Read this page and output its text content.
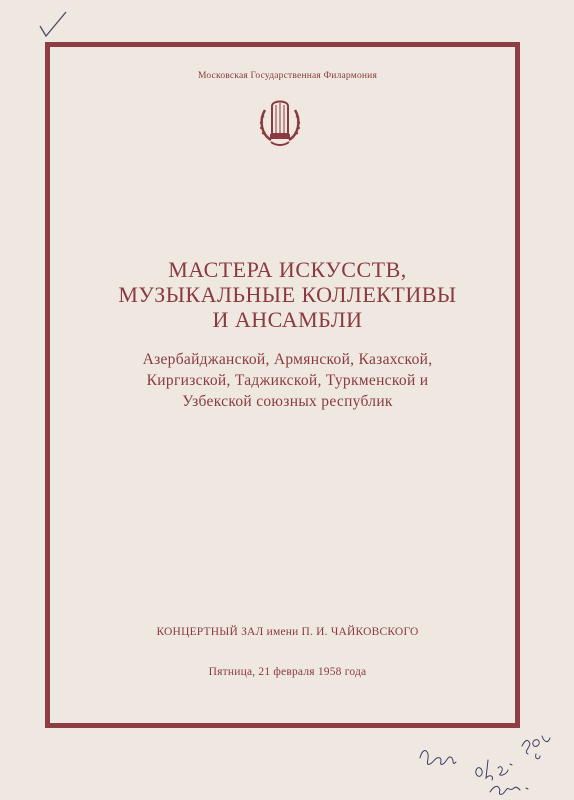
Московская Государственная Филармония
МАСТЕРА ИСКУССТВ,
МУЗЫКАЛЬНЫЕ КОЛЛЕКТИВЫ
И АНСАМБЛИ
Азербайджанской, Армянской, Казахской,
Киргизской, Таджикской, Туркменской и
Узбекской союзных республик
КОНЦЕРТНЫЙ ЗАЛ имени П. И. ЧАЙКОВСКОГО
Пятница, 21 февраля 1958 года
